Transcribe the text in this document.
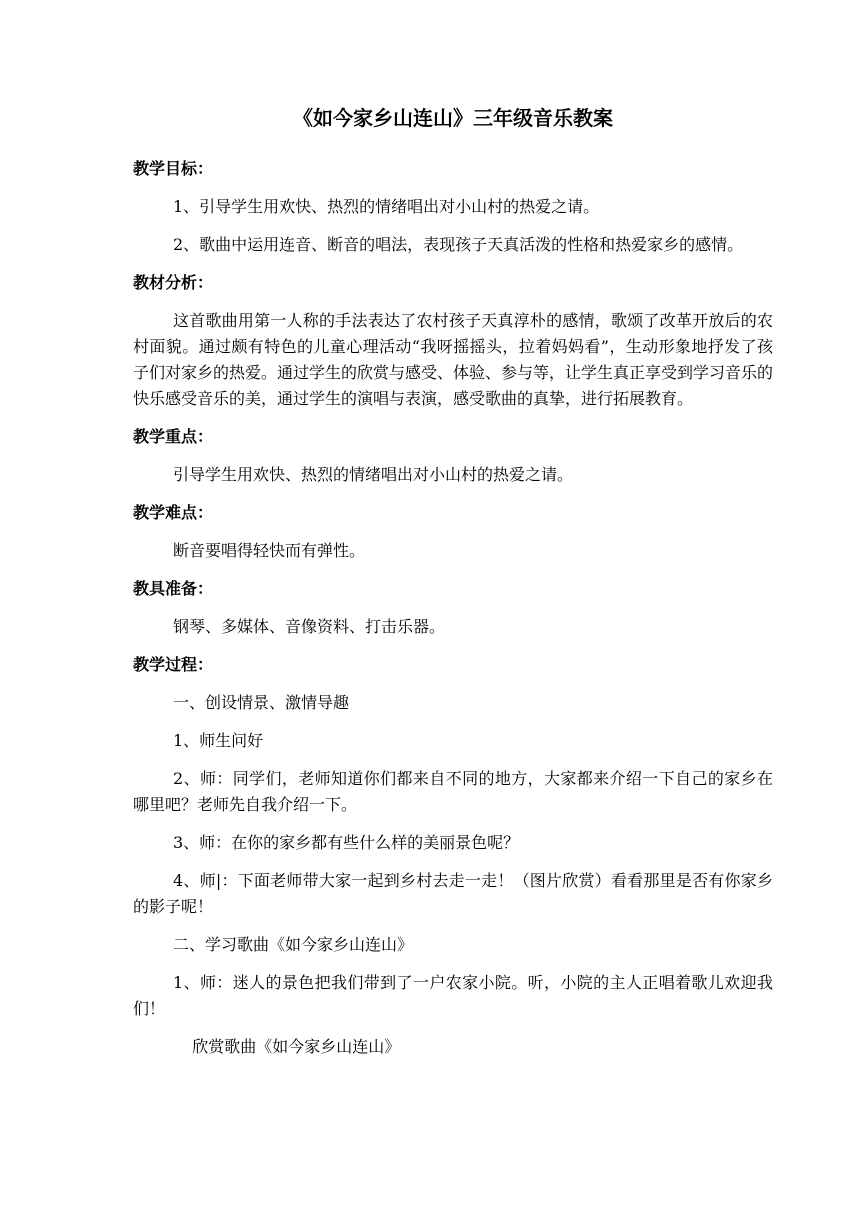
《如今家乡山连山》三年级音乐教案
教学目标：
1、引导学生用欢快、热烈的情绪唱出对小山村的热爱之请。
2、歌曲中运用连音、断音的唱法，表现孩子天真活泼的性格和热爱家乡的感情。
教材分析：
这首歌曲用第一人称的手法表达了农村孩子天真淳朴的感情，歌颂了改革开放后的农村面貌。通过颇有特色的儿童心理活动“我呀摇摇头，拉着妈妈看”，生动形象地抒发了孩子们对家乡的热爱。通过学生的欣赏与感受、体验、参与等，让学生真正享受到学习音乐的快乐感受音乐的美，通过学生的演唱与表演，感受歌曲的真挚，进行拓展教育。
教学重点：
引导学生用欢快、热烈的情绪唱出对小山村的热爱之请。
教学难点：
断音要唱得轻快而有弹性。
教具准备：
钢琴、多媒体、音像资料、打击乐器。
教学过程：
一、创设情景、激情导趣
1、师生问好
2、师：同学们，老师知道你们都来自不同的地方，大家都来介绍一下自己的家乡在哪里吧？老师先自我介绍一下。
3、师：在你的家乡都有些什么样的美丽景色呢？
4、师|：下面老师带大家一起到乡村去走一走！（图片欣赏）看看那里是否有你家乡的影子呢！
二、学习歌曲《如今家乡山连山》
1、师：迷人的景色把我们带到了一户农家小院。听，小院的主人正唱着歌儿欢迎我们！
欣赏歌曲《如今家乡山连山》
